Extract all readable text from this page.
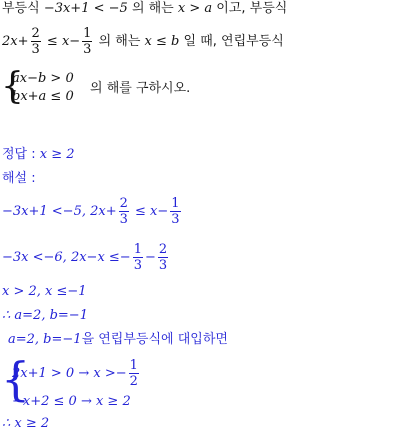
부등식 −3x+1 < −5 의 해는 x > a 이고, 부등식
$2x+ \frac{2}{3} \le x- \frac{1}{3}$ 의 해는 x ≤ b 일 때, 연립부등식
{
ax−b > 0
bx+a ≤ 0
의 해를 구하시오.
정답 : x ≥ 2
해설 :
−3x+1 <−5, $2x+ \frac{2}{3} \le x- \frac{1}{3}$
−3x <−6, $2x-x \le- \frac{1}{3} - \frac{2}{3}$
x > 2, x ≤−1
∴ a=2, b=−1
a=2, b=−1을 연립부등식에 대입하면
{
$2x+1 > 0 \to x >- \frac{1}{2}$
−x+2 ≤ 0 → x ≥ 2
∴ x ≥ 2
